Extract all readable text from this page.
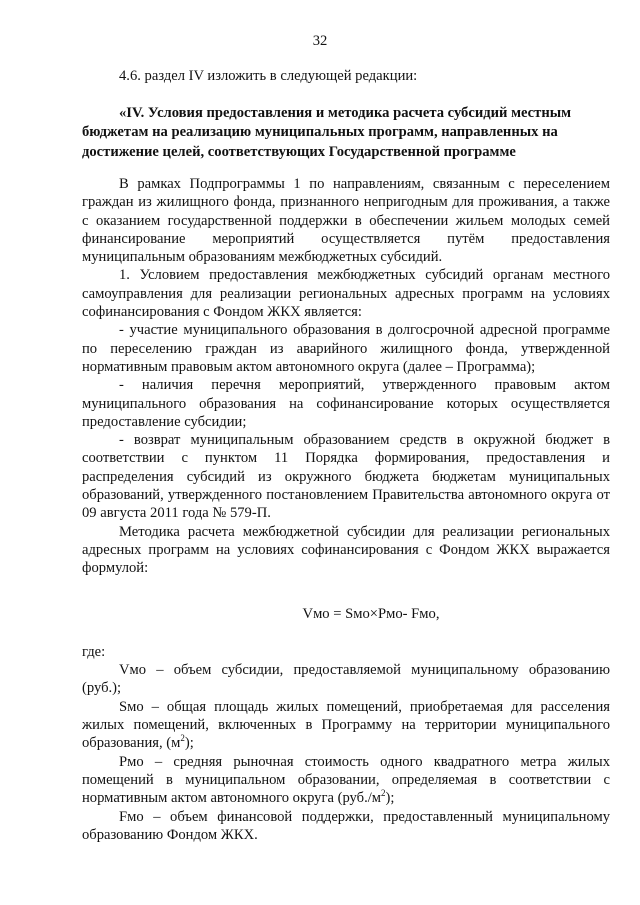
32
4.6. раздел IV изложить в следующей редакции:
«IV. Условия предоставления и методика расчета субсидий местным бюджетам на реализацию муниципальных программ, направленных на достижение целей, соответствующих Государственной программе

В рамках Подпрограммы 1 по направлениям, связанным с переселением граждан из жилищного фонда, признанного непригодным для проживания, а также с оказанием государственной поддержки в обеспечении жильем молодых семей финансирование мероприятий осуществляется путём предоставления муниципальным образованиям межбюджетных субсидий.

1. Условием предоставления межбюджетных субсидий органам местного самоуправления для реализации региональных адресных программ на условиях софинансирования с Фондом ЖКХ является:

- участие муниципального образования в долгосрочной адресной программе по переселению граждан из аварийного жилищного фонда, утвержденной нормативным правовым актом автономного округа (далее – Программа);

- наличия перечня мероприятий, утвержденного правовым актом муниципального образования на софинансирование которых осуществляется предоставление субсидии;

- возврат муниципальным образованием средств в окружной бюджет в соответствии с пунктом 11 Порядка формирования, предоставления и распределения субсидий из окружного бюджета бюджетам муниципальных образований, утвержденного постановлением Правительства автономного округа от 09 августа 2011 года № 579-П.

Методика расчета межбюджетной субсидии для реализации региональных адресных программ на условиях софинансирования с Фондом ЖКХ выражается формулой:

Vмо = Sмо×Pмо- Fмо,

где:

Vмо – объем субсидии, предоставляемой муниципальному образованию (руб.);

Sмо – общая площадь жилых помещений, приобретаемая для расселения жилых помещений, включенных в Программу на территории муниципального образования, $(м^2)$;

Pмо – средняя рыночная стоимость одного квадратного метра жилых помещений в муниципальном образовании, определяемая в соответствии с нормативным актом автономного округа $(руб./м^2)$;

Fмо – объем финансовой поддержки, предоставленный муниципальному образованию Фондом ЖКХ.
